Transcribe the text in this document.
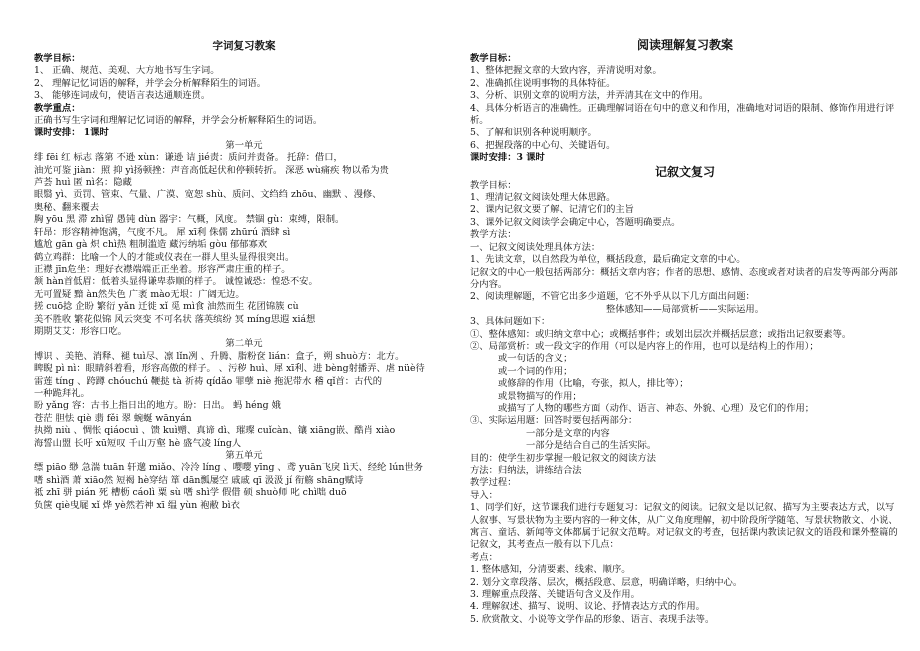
字词复习教案
教学目标：
1、 正确、规范、美观、大方地书写生字词。
2、 理解记忆词语的解释，并学会分析解释陌生的词语。
3、 能够连词成句，使语言表达通顺连贯。
教学重点：
正确书写生字词和理解记忆词语的解释，并学会分析解释陌生的词语。
课时安排： 1课时
第一单元
绯 fēi 红 标志 落第 不逊 xùn：谦逊 诘 jié责：质问并责备。 托辞：借口，
油光可鉴 jiàn：照 抑 yì扬顿挫：声音高低起伏和停顿转折。 深恶 wù痛疾 物以希为贵
芦荟 huì 匿 nì名：隐藏
眼翳 yì、贡罚、管束、气量、广漠、宽恕 shù、质问、文绉绉 zhōu、幽默 、漫修、
奥秘、翻来覆去
胸 yōu 黑 滞 zhì留 愚钝 dùn 器宇：气概，风度。 禁锢 gù：束缚，限制。
轩昂：形容精神饱满，气度不凡。 犀 xī利 侏儒 zhūrú 酒肆 sì
尴尬 gān gà 炽 chì热 粗制滥造 藏污纳垢 gòu 郁郁寡欢
鹤立鸡群：比喻一个人的才能或仪表在一群人里头显得很突出。
正襟 jīn危坐：理好衣襟端端正正坐着。形容严肃庄重的样子。
颔 hàn首低眉：低着头显得谦卑恭顺的样子。 诚惶诚恐：惶恐不安。
无可置疑 黯 àn然失色 广袤 mào无垠：广阔无边。
搓 cuō捻 企盼 繁衍 yǎn 迁徙 xǐ 觅 mì食 油然而生 花团锦簇 cù
美不胜收 繁花似锦 风云突变 不可名状 落英缤纷 冥 míng思遐 xiá想
期期艾艾：形容口吃。
第二单元
博识 、美艳、消释、褪 tuì尽、凛 lǐn冽 、升腾、脂粉奁 lián：盒子，朔 shuò方：北方。
睥睨 pì nì：眼睛斜着看，形容高傲的样子。 、污秽 huì、犀 xī利、进 bèng射播弄、虐 nüè待
雷莲 tíng 、跨蹲 chóuchú 鞭挞 tà 祈祷 qídǎo 罪孽 niè 拖泥带水 稽 qǐ首：古代的
一种跪拜礼。
盼 yǎng 容：古书上指日出的地方。盼：日出。 蚂 héng 娥
苍茫 胆怯 qiè 翡 fěi 翠 蜿蜒 wānyán
执拗 niù 、惆怅 qiáocuì 、馈 kuì赠、真谛 dì、璀璨 cuǐcàn、镶 xiāng嵌、酷肖 xiào
海誓山盟 长吁 xū短叹 千山万壑 hè 盛气凌 líng人
第五单元
缥 piāo 缈 急湍 tuān 轩邈 miǎo、冷泠 líng 、嘤嘤 yīng 、鸢 yuān飞戾 lì天、经纶 lún世务
嗜 shì酒 萧 xiāo然 短褐 hè穿结 箪 dān瓢屡空 戚戚 qī 汲汲 jí 衔觞 shāng赋诗
祗 zhī 骈 pián 死 槽枥 cáolì 粟 sù 嗜 shì学 假借 硕 shuò师 叱 chì咄 duō
负箧 qiè曳屣 xǐ 烨 yè然若神 xī 缊 yùn 袍敝 bì衣
阅读理解复习教案
教学目标：
1、整体把握文章的大致内容，弄清说明对象。
2、准确抓住说明事物的具体特征。
3、分析、识别文章的说明方法，并弄清其在文中的作用。
4、具体分析语言的准确性。正确理解词语在句中的意义和作用，准确地对词语的限制、修饰作用进行评析。
5、了解和识别各种说明顺序。
6、把握段落的中心句、关键语句。
课时安排：3 课时
记叙文复习
教学目标：
1、理清记叙文阅读处理大体思路。
2、课内记叙文要了解、记清它们的主旨
3、课外记叙文阅读学会确定中心，答题明确要点。
教学方法：
一、记叙文阅读处理具体方法：
1、先读文章，以自然段为单位，概括段意，最后确定文章的中心。
记叙文的中心一般包括两部分：概括文章内容；作者的思想、感情、态度或者对读者的启发等两部分两部分内容。
2、阅读理解题，不管它出多少道题，它不外乎从以下几方面出问题：
整体感知——局部赏析——实际运用。
3、具体问题如下：
①、整体感知：或归纳文章中心；或概括事件；或划出层次并概括层意；或指出记叙要素等。
②、局部赏析：或一段文字的作用（可以是内容上的作用，也可以是结构上的作用）；
或一句话的含义；
或一个词的作用；
或修辞的作用（比喻，夸张，拟人，排比等）；
或景物描写的作用；
或描写了人物的哪些方面（动作、语言、神态、外貌、心理）及它们的作用；
③、实际运用题：回答时要包括两部分：
一部分是文章的内容
一部分是结合自己的生活实际。
目的：使学生初步掌握一般记叙文的阅读方法
方法：归纳法，讲练结合法
教学过程：
导入：
1、同学们好，这节课我们进行专题复习：记叙文的阅读。记叙文是以记叙、描写为主要表达方式，以写人叙事、写景状物为主要内容的一种文体，从广义角度理解，初中阶段所学随笔、写景状物散文、小说、寓言、童话、新闻等文体都属于记叙文范畴。对记叙文的考查，包括课内教读记叙文的语段和课外整篇的记叙文，其考查点一般有以下几点：
考点：
1. 整体感知，分清要素、线索、顺序。
2. 划分文章段落、层次，概括段意、层意，明确详略，归纳中心。
3. 理解重点段落、关键语句含义及作用。
4. 理解叙述、描写、说明、议论、抒情表达方式的作用。
5. 欣赏散文、小说等文学作品的形象、语言、表现手法等。
